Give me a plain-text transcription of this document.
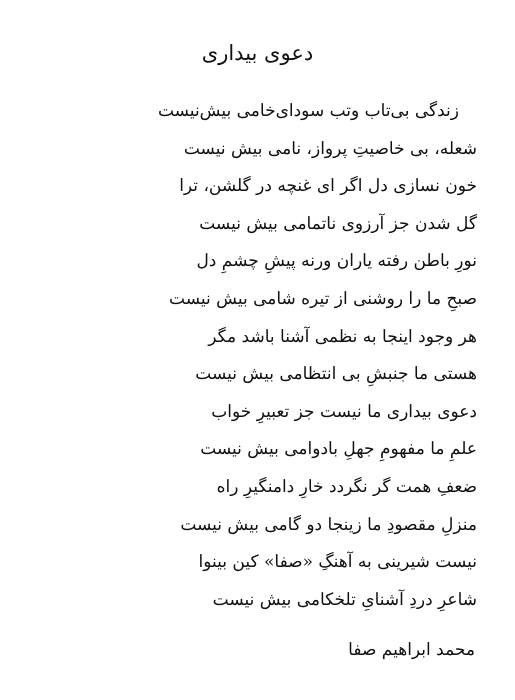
دعوی بیداری
زندگی بی‌تاب وتب سودای‌خامی بیش‌نیست
شعله، بی خاصیتِ پرواز، نامی بیش نیست
خون نسازی دل اگر ای غنچه در گلشن، ترا
گل شدن جز آرزوی ناتمامی بیش نیست
نورِ باطن رفته یاران ورنه پیشِ چشمِ دل
صبحِ ما را روشنی از تیره شامی بیش نیست
هر وجود اینجا به نظمی آشنا باشد مگر
هستی ما جنبشِ بی انتظامی بیش نیست
دعوی بیداری ما نیست جز تعبیرِ خواب
علمِ ما مفهومِ جهلِ بادوامی بیش نیست
ضعفِ همت گر نگردد خارِ دامنگیرِ راه
منزلِ مقصودِ ما زینجا دو گامی بیش نیست
نیست شیرینی به آهنگِ «صفا» کین بینوا
شاعرِ دردِ آشنایِ تلخکامی بیش نیست
محمد ابراهیم صفا
